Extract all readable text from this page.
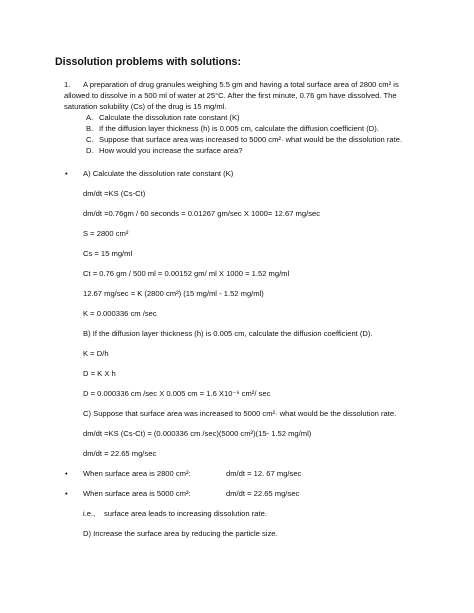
Dissolution problems with solutions:
1. A preparation of drug granules weighing 5.5 gm and having a total surface area of 2800 cm² is
allowed to dissolve in a 500 ml of water at 25°C. After the first minute, 0.76 gm have dissolved. The
saturation solubility (Cs) of the drug is 15 mg/ml.
A. Calculate the dissolution rate constant (K)
B. If the diffusion layer thickness (h) is 0.005 cm, calculate the diffusion coefficient (D).
C. Suppose that surface area was increased to 5000 cm²· what would be the dissolution rate.
D. How would you increase the surface area?
• A) Calculate the dissolution rate constant (K)
dm/dt =KS (Cs-Ct)
dm/dt =0.76gm / 60 seconds = 0.01267 gm/sec X 1000= 12.67 mg/sec
S = 2800 cm²
Cs = 15 mg/ml
Ct = 0.76 gm / 500 ml = 0.00152 gm/ ml X 1000 = 1.52 mg/ml
12.67 mg/sec = K (2800 cm²) (15 mg/ml - 1.52 mg/ml)
K = 0.000336 cm /sec
B) If the diffusion layer thickness (h) is 0.005 cm, calculate the diffusion coefficient (D).
K = D/h
D = K X h
D = 0.000336 cm /sec X 0.005 cm = 1.6 X10⁻⁶ cm²/ sec
C) Suppose that surface area was increased to 5000 cm²· what would be the dissolution rate.
dm/dt =KS (Cs-Ct) = (0.000336 cm /sec)(5000 cm²)(15- 1.52 mg/ml)
dm/dt = 22.65 mg/sec
• When surface area is 2800 cm²:	dm/dt = 12. 67 mg/sec
• When surface area is 5000 cm²:	dm/dt = 22.65 mg/sec
i.e., surface area leads to increasing dissolution rate.
D) Increase the surface area by reducing the particle size.
